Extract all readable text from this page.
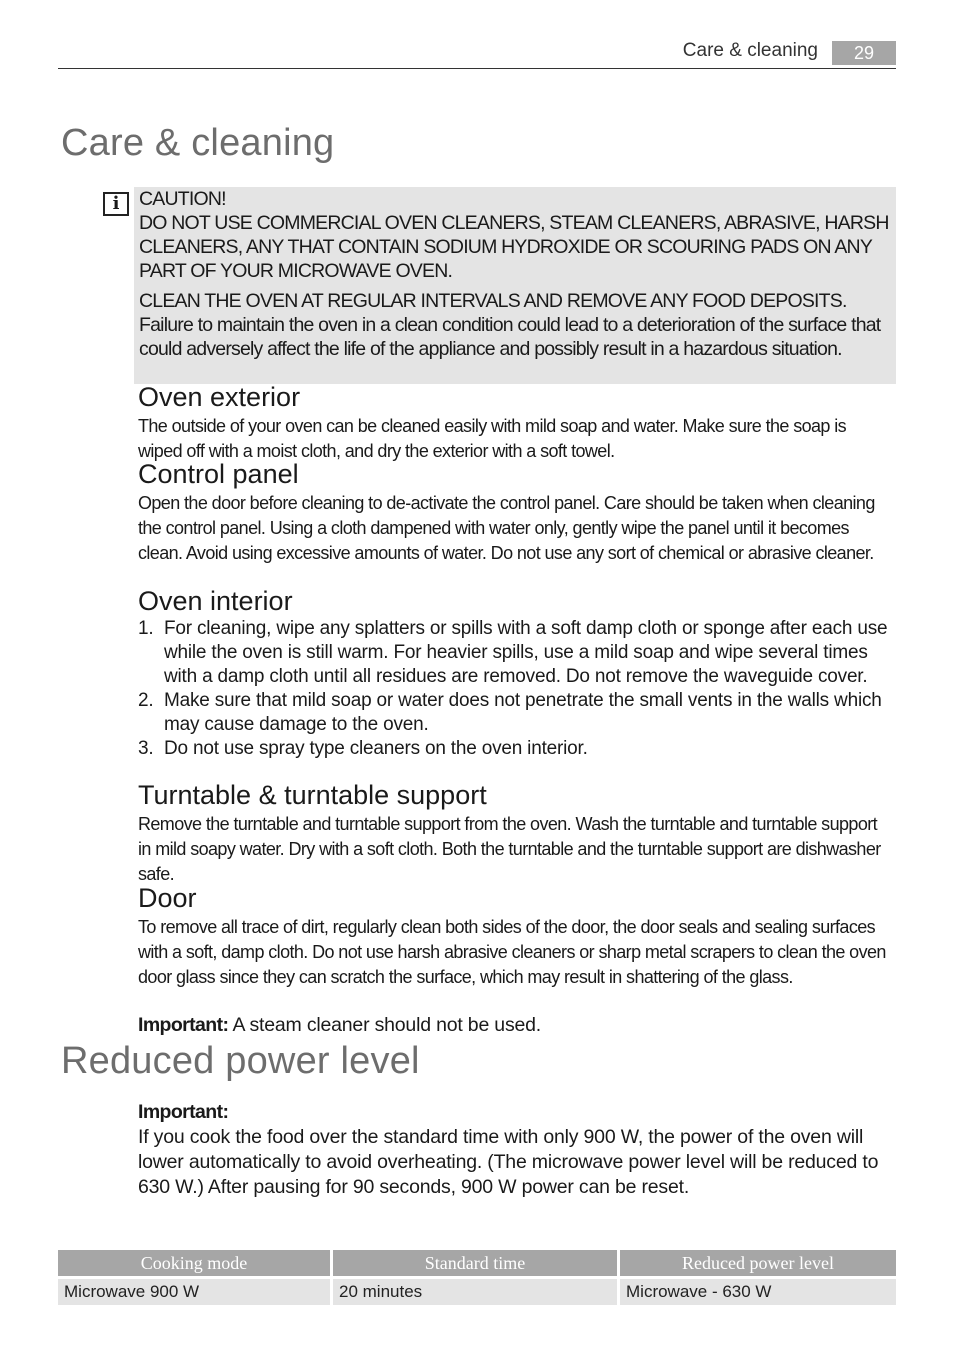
Care & cleaning	29
Care & cleaning
i	CAUTION!

DO NOT USE COMMERCIAL OVEN CLEANERS, STEAM CLEANERS, ABRASIVE, HARSH CLEANERS, ANY THAT CONTAIN SODIUM HYDROXIDE OR SCOURING PADS ON ANY PART OF YOUR MICROWAVE OVEN.

CLEAN THE OVEN AT REGULAR INTERVALS AND REMOVE ANY FOOD DEPOSITS.

Failure to maintain the oven in a clean condition could lead to a deterioration of the surface that could adversely affect the life of the appliance and possibly result in a hazardous situation.

Oven exterior

The outside of your oven can be cleaned easily with mild soap and water. Make sure the soap is wiped off with a moist cloth, and dry the exterior with a soft towel.

Control panel

Open the door before cleaning to de-activate the control panel. Care should be taken when cleaning the control panel. Using a cloth dampened with water only, gently wipe the panel until it becomes clean. Avoid using excessive amounts of water. Do not use any sort of chemical or abrasive cleaner.

Oven interior
1. For cleaning, wipe any splatters or spills with a soft damp cloth or sponge after each use while the oven is still warm. For heavier spills, use a mild soap and wipe several times with a damp cloth until all residues are removed. Do not remove the waveguide cover.
2. Make sure that mild soap or water does not penetrate the small vents in the walls which may cause damage to the oven.
3. Do not use spray type cleaners on the oven interior.
Turntable & turntable support

Remove the turntable and turntable support from the oven. Wash the turntable and turntable support in mild soapy water. Dry with a soft cloth. Both the turntable and the turntable support are dishwasher safe.

Door

To remove all trace of dirt, regularly clean both sides of the door, the door seals and sealing surfaces with a soft, damp cloth. Do not use harsh abrasive cleaners or sharp metal scrapers to clean the oven door glass since they can scratch the surface, which may result in shattering of the glass.

Important: A steam cleaner should not be used.

Reduced power level

Important:

If you cook the food over the standard time with only 900 W, the power of the oven will lower automatically to avoid overheating. (The microwave power level will be reduced to 630 W.) After pausing for 90 seconds, 900 W power can be reset.

Cooking mode	Standard time	Reduced power level
Microwave 900 W	20 minutes	Microwave - 630 W
